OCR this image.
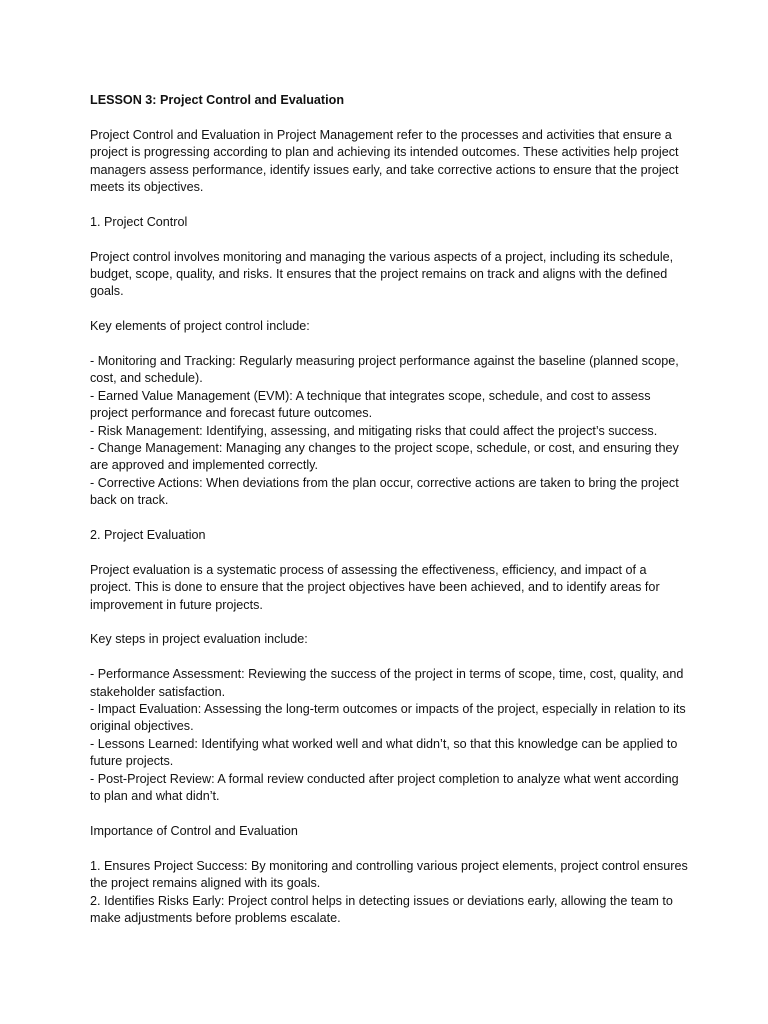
LESSON 3: Project Control and Evaluation

Project Control and Evaluation in Project Management refer to the processes and activities that ensure a project is progressing according to plan and achieving its intended outcomes. These activities help project managers assess performance, identify issues early, and take corrective actions to ensure that the project meets its objectives.

1. Project Control

Project control involves monitoring and managing the various aspects of a project, including its schedule, budget, scope, quality, and risks. It ensures that the project remains on track and aligns with the defined goals.

Key elements of project control include:

- Monitoring and Tracking: Regularly measuring project performance against the baseline (planned scope, cost, and schedule).

- Earned Value Management (EVM): A technique that integrates scope, schedule, and cost to assess project performance and forecast future outcomes.

- Risk Management: Identifying, assessing, and mitigating risks that could affect the project’s success.

- Change Management: Managing any changes to the project scope, schedule, or cost, and ensuring they are approved and implemented correctly.

- Corrective Actions: When deviations from the plan occur, corrective actions are taken to bring the project back on track.

2. Project Evaluation

Project evaluation is a systematic process of assessing the effectiveness, efficiency, and impact of a project. This is done to ensure that the project objectives have been achieved, and to identify areas for improvement in future projects.

Key steps in project evaluation include:

- Performance Assessment: Reviewing the success of the project in terms of scope, time, cost, quality, and stakeholder satisfaction.

- Impact Evaluation: Assessing the long-term outcomes or impacts of the project, especially in relation to its original objectives.

- Lessons Learned: Identifying what worked well and what didn’t, so that this knowledge can be applied to future projects.

- Post-Project Review: A formal review conducted after project completion to analyze what went according to plan and what didn’t.

Importance of Control and Evaluation

1. Ensures Project Success: By monitoring and controlling various project elements, project control ensures the project remains aligned with its goals.

2. Identifies Risks Early: Project control helps in detecting issues or deviations early, allowing the team to make adjustments before problems escalate.
